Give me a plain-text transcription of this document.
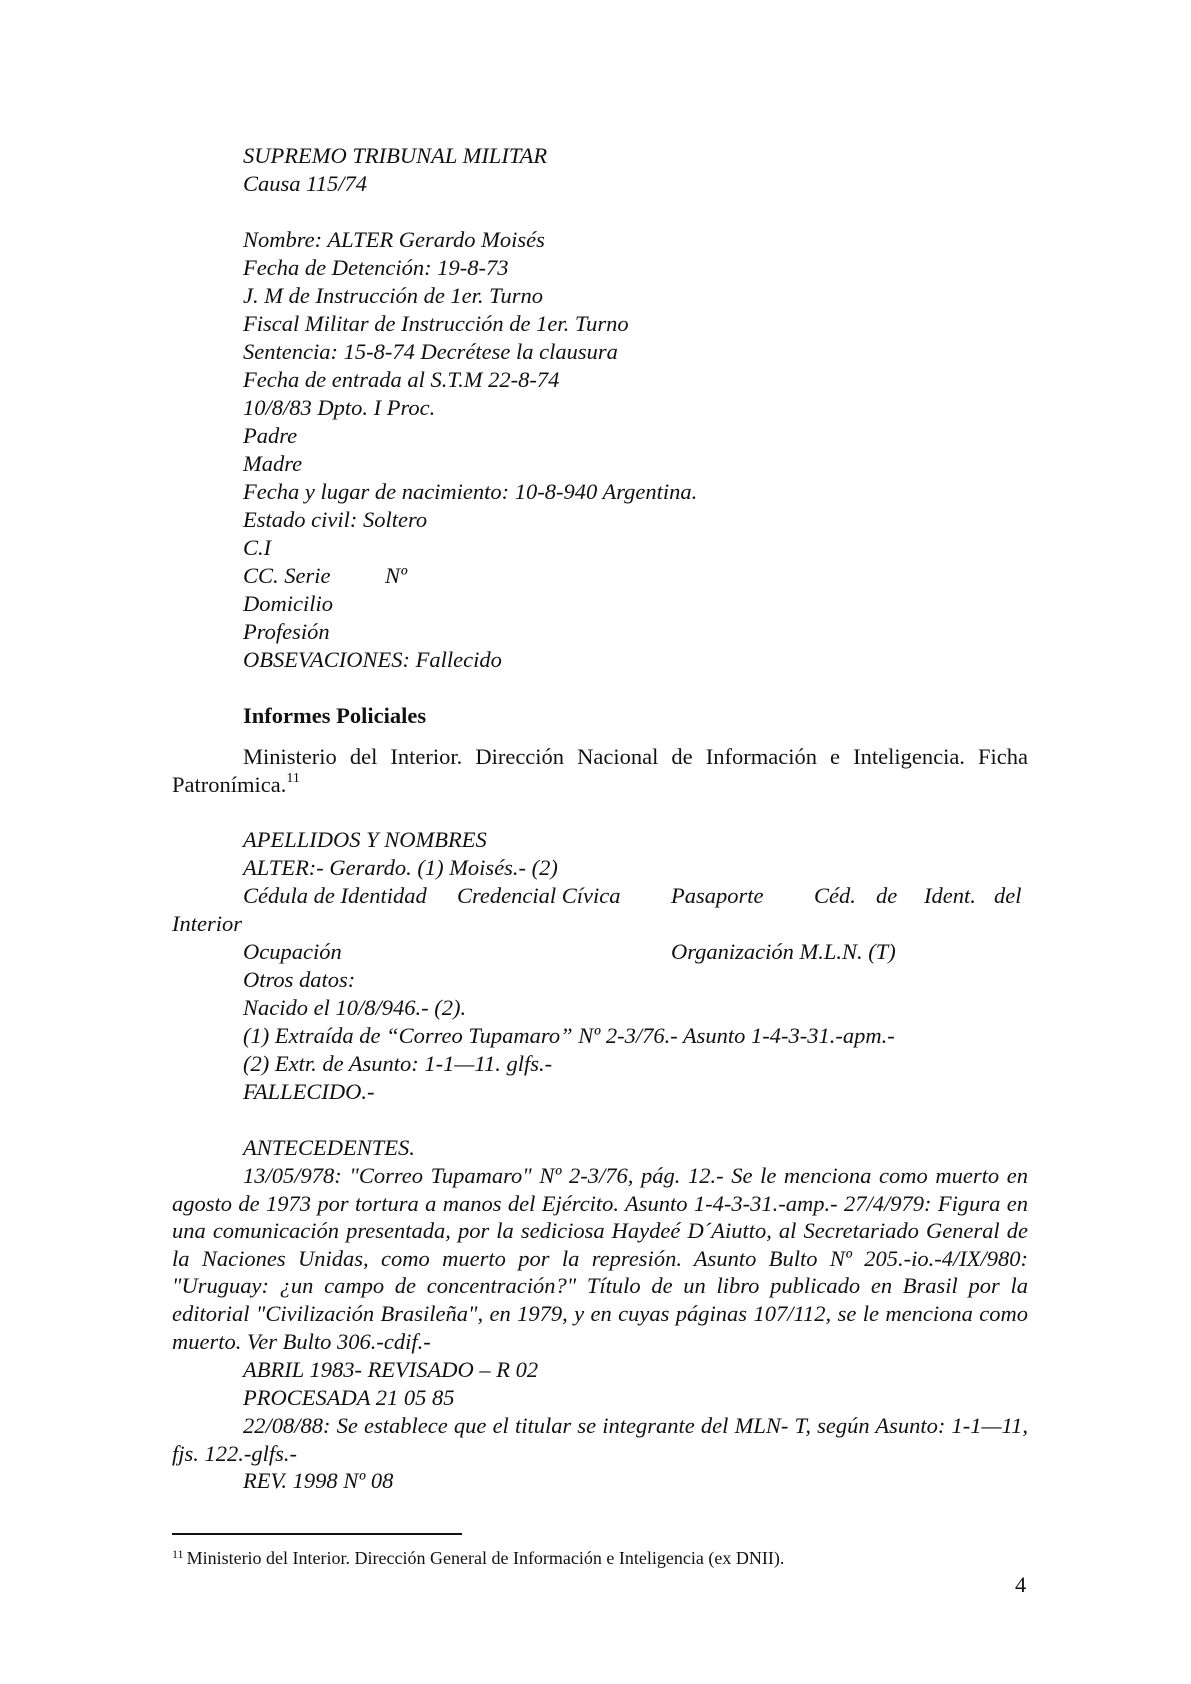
SUPREMO TRIBUNAL MILITAR
Causa 115/74
Nombre: ALTER Gerardo Moisés
Fecha de Detención: 19-8-73
J. M de Instrucción de 1er. Turno
Fiscal Militar de Instrucción de 1er. Turno
Sentencia: 15-8-74 Decrétese la clausura
Fecha de entrada al S.T.M 22-8-74
10/8/83 Dpto. I Proc.
Padre
Madre
Fecha y lugar de nacimiento: 10-8-940 Argentina.
Estado civil: Soltero
C.I
CC. Serie Nº
Domicilio
Profesión
OBSEVACIONES: Fallecido
Informes Policiales
Ministerio del Interior. Dirección Nacional de Información e Inteligencia. Ficha
Patronímica.$^{11}$
APELLIDOS Y NOMBRES
ALTER:- Gerardo. (1) Moisés.- (2)
Cédula de Identidad Credencial Cívica Pasaporte Céd. de Ident. del
Interior
Ocupación	Organización M.L.N. (T)
Otros datos:
Nacido el 10/8/946.- (2).
(1) Extraída de “Correo Tupamaro” Nº 2-3/76.- Asunto 1-4-3-31.-apm.-
(2) Extr. de Asunto: 1-1—11. glfs.-
FALLECIDO.-
ANTECEDENTES.

13/05/978: "Correo Tupamaro" Nº 2-3/76, pág. 12.- Se le menciona como muerto en agosto de 1973 por tortura a manos del Ejército. Asunto 1-4-3-31.-amp.- 27/4/979: Figura en una comunicación presentada, por la sediciosa Haydeé D´Aiutto, al Secretariado General de la Naciones Unidas, como muerto por la represión. Asunto Bulto Nº 205.-io.-4/IX/980: "Uruguay: ¿un campo de concentración?" Título de un libro publicado en Brasil por la editorial "Civilización Brasileña", en 1979, y en cuyas páginas 107/112, se le menciona como muerto. Ver Bulto 306.-cdif.-

ABRIL 1983- REVISADO – R 02
PROCESADA 21 05 85

22/08/88: Se establece que el titular se integrante del MLN- T, según Asunto: 1-1—11, fjs. 122.-glfs.-

REV. 1998 Nº 08
$^{11}$ Ministerio del Interior. Dirección General de Información e Inteligencia (ex DNII).
4
